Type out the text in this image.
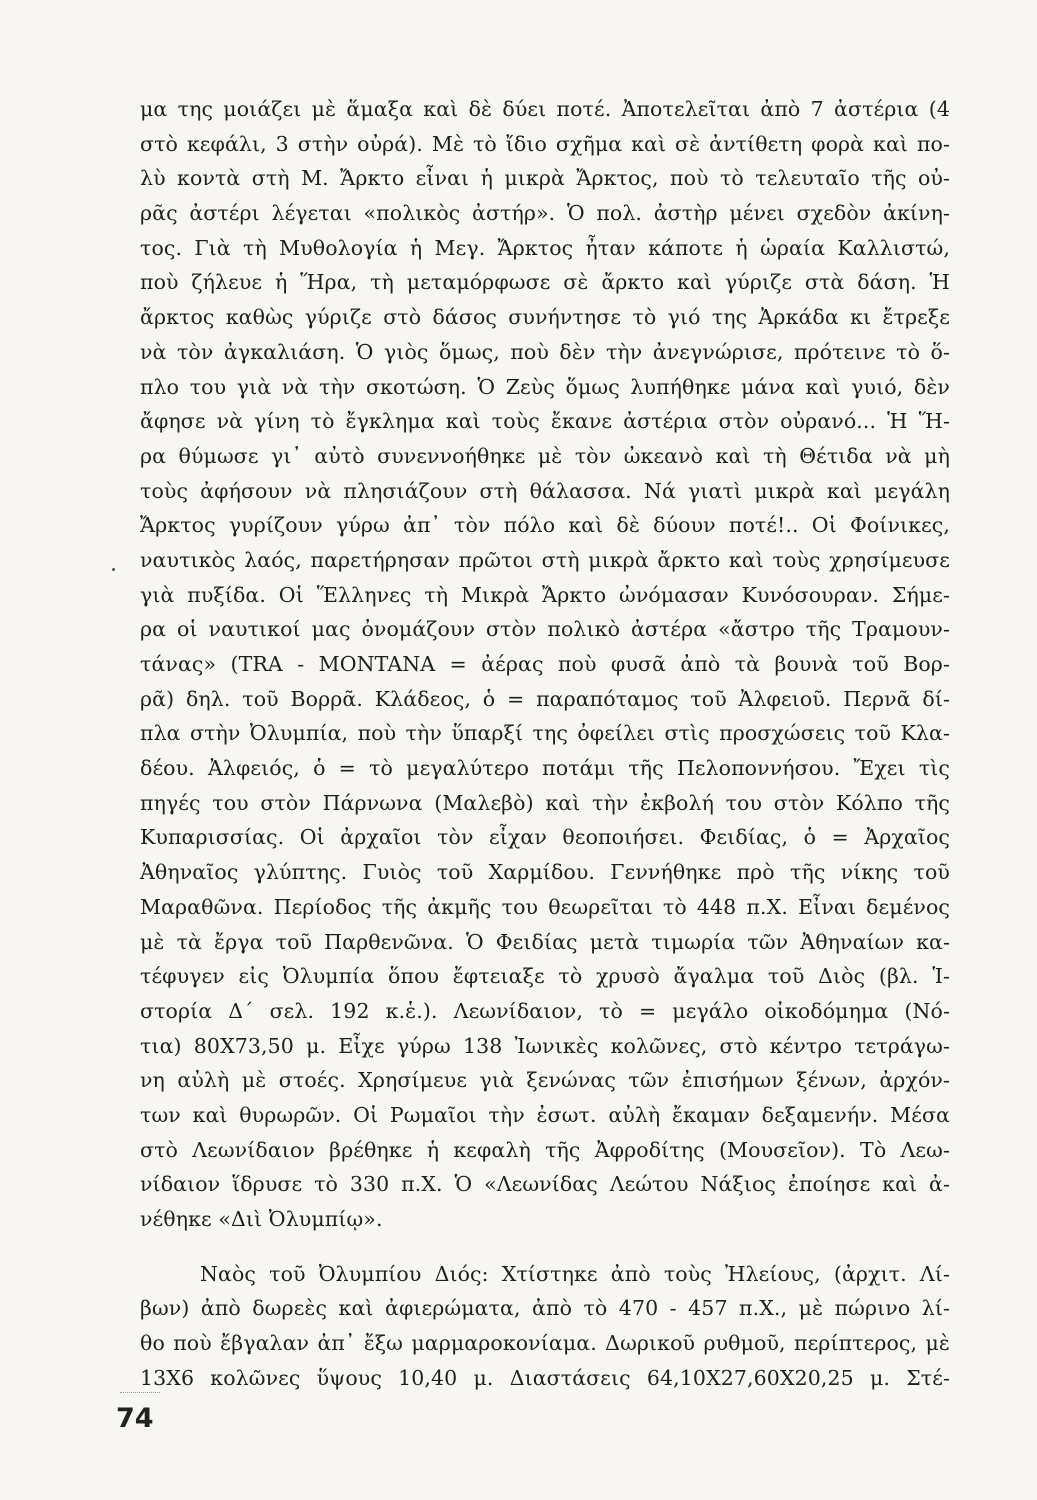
μα της μοιάζει μὲ ἅμαξα καὶ δὲ δύει ποτέ. Ἀποτελεῖται ἀπὸ 7 ἀστέρια (4
στὸ κεφάλι, 3 στὴν οὐρά). Μὲ τὸ ἴδιο σχῆμα καὶ σὲ ἀντίθετη φορὰ καὶ πο-
λὺ κοντὰ στὴ Μ. Ἄρκτο εἶναι ἡ μικρὰ Ἄρκτος, ποὺ τὸ τελευταῖο τῆς οὐ-
ρᾶς ἀστέρι λέγεται «πολικὸς ἀστήρ». Ὁ πολ. ἀστὴρ μένει σχεδὸν ἀκίνη-
τος. Γιὰ τὴ Μυθολογία ἡ Μεγ. Ἄρκτος ἦταν κάποτε ἡ ὡραία Καλλιστώ,
ποὺ ζήλευε ἡ Ἥρα, τὴ μεταμόρφωσε σὲ ἄρκτο καὶ γύριζε στὰ δάση. Ἡ
ἄρκτος καθὼς γύριζε στὸ δάσος συνήντησε τὸ γιό της Ἀρκάδα κι ἔτρεξε
νὰ τὸν ἀγκαλιάση. Ὁ γιὸς ὅμως, ποὺ δὲν τὴν ἀνεγνώρισε, πρότεινε τὸ ὅ-
πλο του γιὰ νὰ τὴν σκοτώση. Ὁ Ζεὺς ὅμως λυπήθηκε μάνα καὶ γυιό, δὲν
ἄφησε νὰ γίνη τὸ ἔγκλημα καὶ τοὺς ἔκανε ἀστέρια στὸν οὐρανό... Ἡ Ἥ-
ρα θύμωσε γι᾽ αὐτὸ συνεννοήθηκε μὲ τὸν ὠκεανὸ καὶ τὴ Θέτιδα νὰ μὴ
τοὺς ἀφήσουν νὰ πλησιάζουν στὴ θάλασσα. Νά γιατὶ μικρὰ καὶ μεγάλη
Ἄρκτος γυρίζουν γύρω ἀπ᾽ τὸν πόλο καὶ δὲ δύουν ποτέ!.. Οἱ Φοίνικες,
ναυτικὸς λαός, παρετήρησαν πρῶτοι στὴ μικρὰ ἄρκτο καὶ τοὺς χρησίμευσε
γιὰ πυξίδα. Οἱ Ἕλληνες τὴ Μικρὰ Ἄρκτο ὠνόμασαν Κυνόσουραν. Σήμε-
ρα οἱ ναυτικοί μας ὀνομάζουν στὸν πολικὸ ἀστέρα «ἄστρο τῆς Τραμουν-
τάνας» (TRA - MONTANA = ἀέρας ποὺ φυσᾶ ἀπὸ τὰ βουνὰ τοῦ Βορ-
ρᾶ) δηλ. τοῦ Βορρᾶ. Κλάδεος, ὁ = παραπόταμος τοῦ Ἀλφειοῦ. Περνᾶ δί-
πλα στὴν Ὀλυμπία, ποὺ τὴν ὕπαρξί της ὀφείλει στὶς προσχώσεις τοῦ Κλα-
δέου. Ἀλφειός, ὁ = τὸ μεγαλύτερο ποτάμι τῆς Πελοποννήσου. Ἔχει τὶς
πηγές του στὸν Πάρνωνα (Μαλεβὸ) καὶ τὴν ἐκβολή του στὸν Κόλπο τῆς
Κυπαρισσίας. Οἱ ἀρχαῖοι τὸν εἶχαν θεοποιήσει. Φειδίας, ὁ = Ἀρχαῖος
Ἀθηναῖος γλύπτης. Γυιὸς τοῦ Χαρμίδου. Γεννήθηκε πρὸ τῆς νίκης τοῦ
Μαραθῶνα. Περίοδος τῆς ἀκμῆς του θεωρεῖται τὸ 448 π.Χ. Εἶναι δεμένος
μὲ τὰ ἔργα τοῦ Παρθενῶνα. Ὁ Φειδίας μετὰ τιμωρία τῶν Ἀθηναίων κα-
τέφυγεν εἰς Ὀλυμπία ὅπου ἔφτειαξε τὸ χρυσὸ ἄγαλμα τοῦ Διὸς (βλ. Ἱ-
στορία Δ΄ σελ. 192 κ.ἑ.). Λεωνίδαιον, τὸ = μεγάλο οἰκοδόμημα (Νό-
τια) 80Χ73,50 μ. Εἶχε γύρω 138 Ἰωνικὲς κολῶνες, στὸ κέντρο τετράγω-
νη αὐλὴ μὲ στοές. Χρησίμευε γιὰ ξενώνας τῶν ἐπισήμων ξένων, ἀρχόν-
των καὶ θυρωρῶν. Οἱ Ρωμαῖοι τὴν ἐσωτ. αὐλὴ ἔκαμαν δεξαμενήν. Μέσα
στὸ Λεωνίδαιον βρέθηκε ἡ κεφαλὴ τῆς Ἀφροδίτης (Μουσεῖον). Τὸ Λεω-
νίδαιον ἵδρυσε τὸ 330 π.Χ. Ὁ «Λεωνίδας Λεώτου Νάξιος ἐποίησε καὶ ἀ-
νέθηκε «Διὶ Ὀλυμπίῳ».
Ναὸς τοῦ Ὀλυμπίου Διός: Χτίστηκε ἀπὸ τοὺς Ἠλείους, (ἀρχιτ. Λί-
βων) ἀπὸ δωρεὲς καὶ ἀφιερώματα, ἀπὸ τὸ 470 - 457 π.Χ., μὲ πώρινο λί-
θο ποὺ ἔβγαλαν ἀπ᾽ ἔξω μαρμαροκονίαμα. Δωρικοῦ ρυθμοῦ, περίπτερος, μὲ
13Χ6 κολῶνες ὕψους 10,40 μ. Διαστάσεις 64,10Χ27,60Χ20,25 μ. Στέ-
74
